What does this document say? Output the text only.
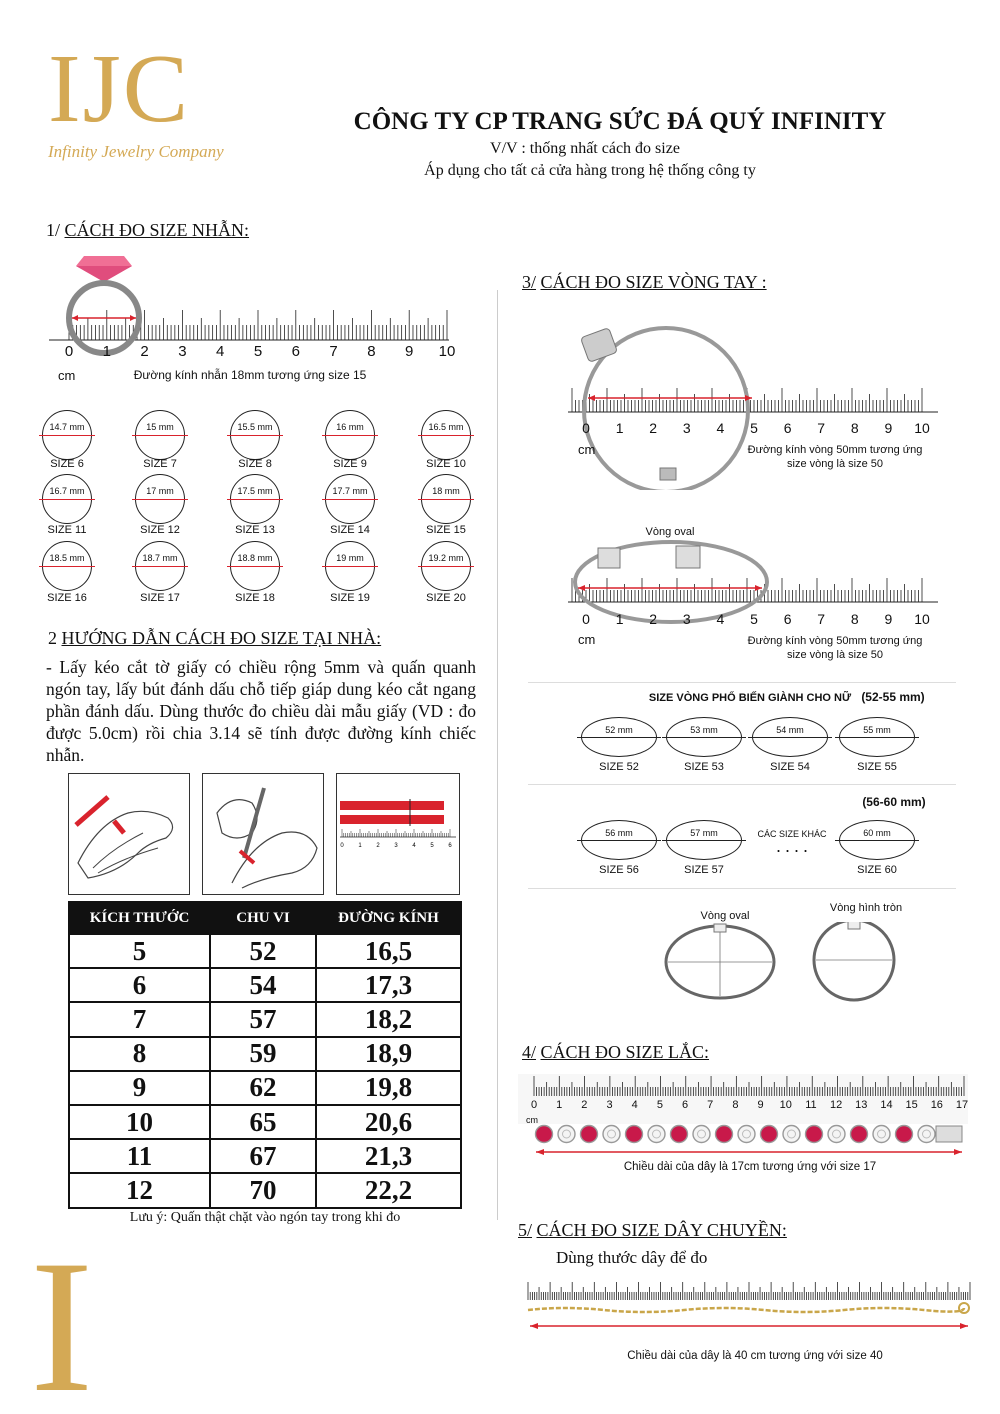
IJC
Infinity Jewelry Company
I
CÔNG TY CP TRANG SỨC ĐÁ QUÝ INFINITY
V/V : thống nhất cách đo size
Áp dụng cho tất cả cửa hàng trong hệ thống công ty
1/ CÁCH ĐO SIZE NHẪN:
0	1	2	3	4	5	6	7	8	9	10
cm	Đường kính nhẫn 18mm tương ứng size 15
14.7 mm
SIZE 6
15 mm
SIZE 7
15.5 mm
SIZE 8
16 mm
SIZE 9
16.5 mm
SIZE 10
16.7 mm
SIZE 11
17 mm
SIZE 12
17.5 mm
SIZE 13
17.7 mm
SIZE 14
18 mm
SIZE 15
18.5 mm
SIZE 16
18.7 mm
SIZE 17
18.8 mm
SIZE 18
19 mm
SIZE 19
19.2 mm
SIZE 20
2 HƯỚNG DẪN CÁCH ĐO SIZE TẠI NHÀ:
- Lấy kéo cắt tờ giấy có chiều rộng 5mm và quấn quanh ngón tay, lấy bút đánh dấu chỗ tiếp giáp dung kéo cắt ngang phần đánh dấu. Dùng thước đo chiều dài mẫu giấy (VD : đo được 5.0cm) rồi chia 3.14 sẽ tính được đường kính chiếc nhẫn.
0 1 2 3 4 5 6
KÍCH THƯỚC	CHU VI	ĐƯỜNG KÍNH
5	52	16,5
6	54	17,3
7	57	18,2
8	59	18,9
9	62	19,8
10	65	20,6
11	67	21,3
12	70	22,2
Lưu ý: Quấn thật chặt vào ngón tay trong khi đo
3/ CÁCH ĐO SIZE VÒNG TAY :
0	1	2	3	4	5	6	7	8	9	10
cm	Đường kính vòng 50mm tương ứng
size vòng là size 50
Vòng oval
0	1	2	3	4	5	6	7	8	9	10
cm	Đường kính vòng 50mm tương ứng
size vòng là size 50
SIZE VÒNG PHỔ BIẾN GIÀNH CHO NỮ (52-55 mm)
52 mm
SIZE 52
53 mm
SIZE 53
54 mm
SIZE 54
55 mm
SIZE 55
(56-60 mm)
56 mm
SIZE 56
57 mm
SIZE 57
60 mm
SIZE 60
CÁC SIZE KHÁC
....
Vòng oval
Vòng hình tròn
4/ CÁCH ĐO SIZE LẮC:
0	1	2	3	4	5	6	7	8	9	10	11	12	13	14	15	16	17
cm
Chiều dài của dây là 17cm tương ứng với size 17
5/ CÁCH ĐO SIZE DÂY CHUYỀN:
Dùng thước dây để đo
Chiều dài của dây là 40 cm tương ứng với size 40
